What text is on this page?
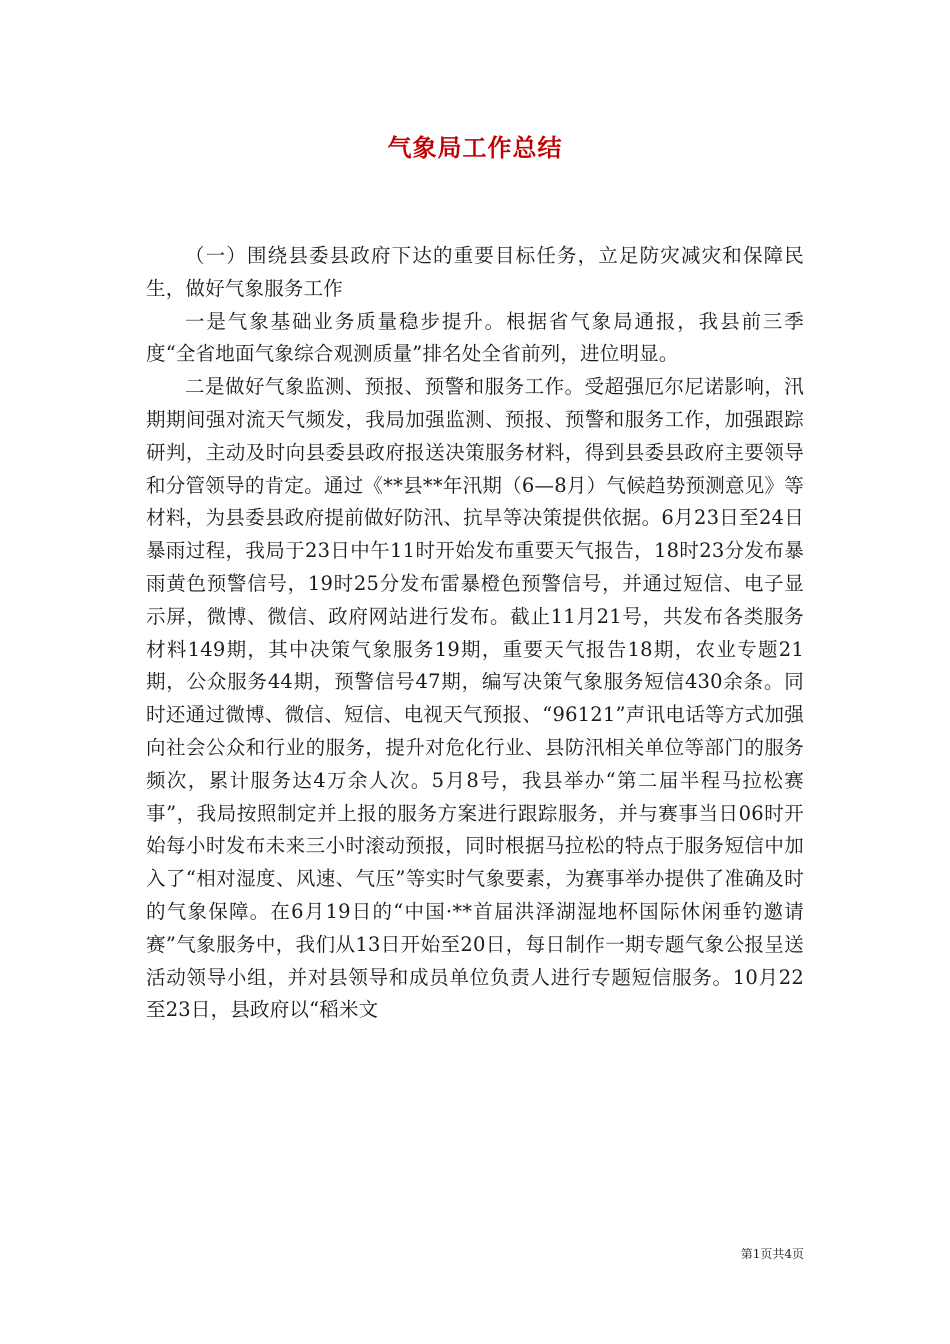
气象局工作总结

（一）围绕县委县政府下达的重要目标任务，立足防灾减灾和保障民生，做好气象服务工作

一是气象基础业务质量稳步提升。根据省气象局通报，我县前三季度“全省地面气象综合观测质量”排名处全省前列，进位明显。

二是做好气象监测、预报、预警和服务工作。受超强厄尔尼诺影响，汛期期间强对流天气频发，我局加强监测、预报、预警和服务工作，加强跟踪研判，主动及时向县委县政府报送决策服务材料，得到县委县政府主要领导和分管领导的肯定。通过《**县**年汛期（6—8月）气候趋势预测意见》等材料，为县委县政府提前做好防汛、抗旱等决策提供依据。6月23日至24日暴雨过程，我局于23日中午11时开始发布重要天气报告，18时23分发布暴雨黄色预警信号，19时25分发布雷暴橙色预警信号，并通过短信、电子显示屏，微博、微信、政府网站进行发布。截止11月21号，共发布各类服务材料149期，其中决策气象服务19期，重要天气报告18期，农业专题21期，公众服务44期，预警信号47期，编写决策气象服务短信430余条。同时还通过微博、微信、短信、电视天气预报、“96121”声讯电话等方式加强向社会公众和行业的服务，提升对危化行业、县防汛相关单位等部门的服务频次，累计服务达4万余人次。5月8号，我县举办“第二届半程马拉松赛事”，我局按照制定并上报的服务方案进行跟踪服务，并与赛事当日06时开始每小时发布未来三小时滚动预报，同时根据马拉松的特点于服务短信中加入了“相对湿度、风速、气压”等实时气象要素，为赛事举办提供了准确及时的气象保障。在6月19日的“中国·**首届洪泽湖湿地杯国际休闲垂钓邀请赛”气象服务中，我们从13日开始至20日，每日制作一期专题气象公报呈送活动领导小组，并对县领导和成员单位负责人进行专题短信服务。10月22至23日，县政府以“稻米文

第1页共4页
